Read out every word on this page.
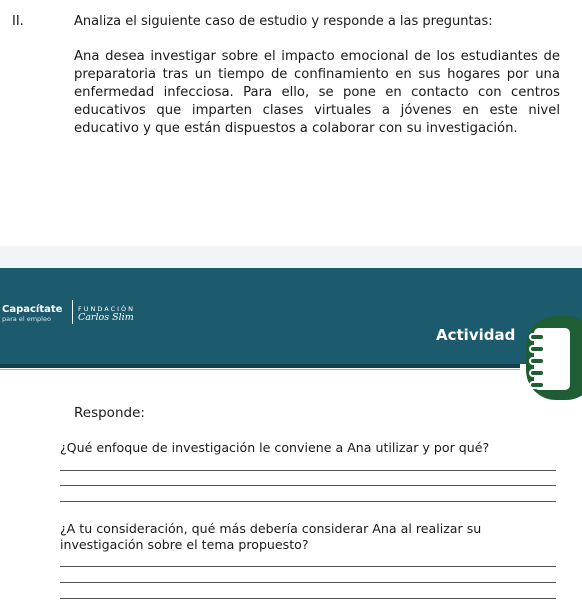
II.	Analiza el siguiente caso de estudio y responde a las preguntas:

Ana desea investigar sobre el impacto emocional de los estudiantes de preparatoria tras un tiempo de confinamiento en sus hogares por una enfermedad infecciosa. Para ello, se pone en contacto con centros educativos que imparten clases virtuales a jóvenes en este nivel educativo y que están dispuestos a colaborar con su investigación.

Capacítate
para el empleo
FUNDACIÓN
Carlos Slim
Actividad
Responde:

¿Qué enfoque de investigación le conviene a Ana utilizar y por qué?

¿A tu consideración, qué más debería considerar Ana al realizar su investigación sobre el tema propuesto?
